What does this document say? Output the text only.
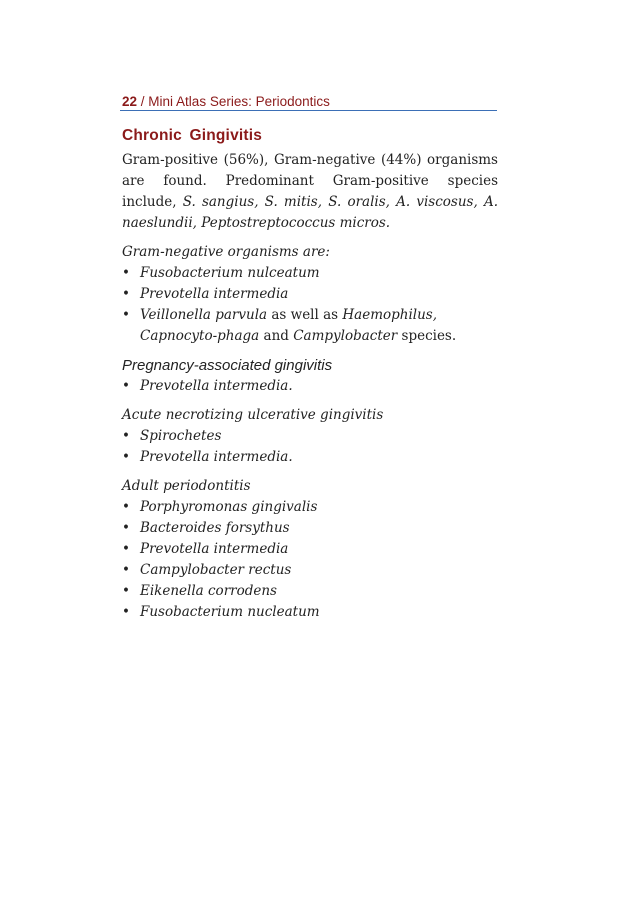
22 / Mini Atlas Series: Periodontics
Chronic Gingivitis

Gram-positive (56%), Gram-negative (44%) organisms are found. Predominant Gram-positive species include, S. sangius, S. mitis, S. oralis, A. viscosus, A. naeslundii, Peptostreptococcus micros.

Gram-negative organisms are:

• Fusobacterium nulceatum
• Prevotella intermedia
• Veillonella parvula as well as Haemophilus, Capnocyto-phaga and Campylobacter species.

Pregnancy-associated gingivitis

• Prevotella intermedia.

Acute necrotizing ulcerative gingivitis

• Spirochetes
• Prevotella intermedia.

Adult periodontitis

• Porphyromonas gingivalis
• Bacteroides forsythus
• Prevotella intermedia
• Campylobacter rectus
• Eikenella corrodens
• Fusobacterium nucleatum
